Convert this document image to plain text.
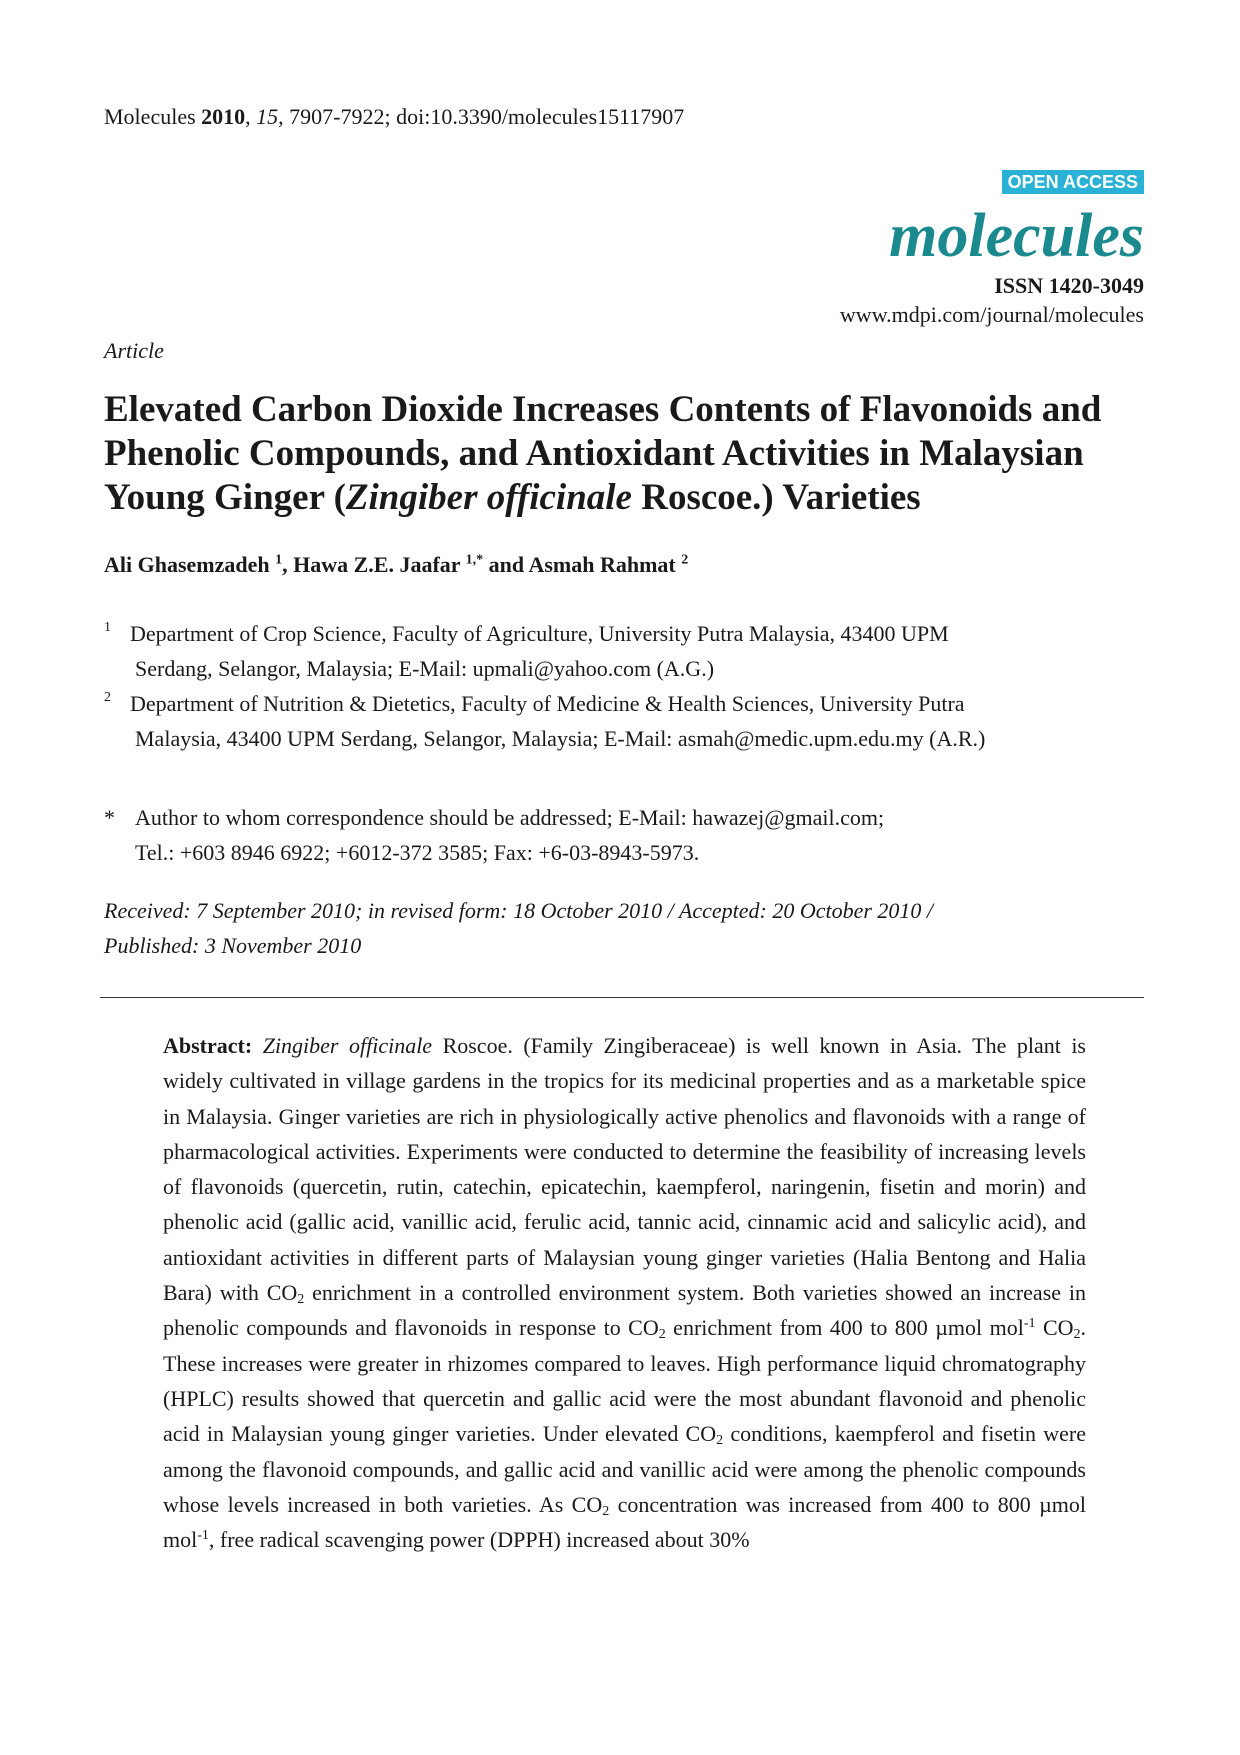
Molecules 2010, 15, 7907-7922; doi:10.3390/molecules15117907
OPEN ACCESS
molecules
ISSN 1420-3049
www.mdpi.com/journal/molecules
Article
Elevated Carbon Dioxide Increases Contents of Flavonoids and Phenolic Compounds, and Antioxidant Activities in Malaysian Young Ginger (Zingiber officinale Roscoe.) Varieties
Ali Ghasemzadeh $^1$, Hawa Z.E. Jaafar $^{1,*}$ and Asmah Rahmat $^2$
1 Department of Crop Science, Faculty of Agriculture, University Putra Malaysia, 43400 UPM
Serdang, Selangor, Malaysia; E-Mail: upmali@yahoo.com (A.G.)
2 Department of Nutrition & Dietetics, Faculty of Medicine & Health Sciences, University Putra
Malaysia, 43400 UPM Serdang, Selangor, Malaysia; E-Mail: asmah@medic.upm.edu.my (A.R.)
* Author to whom correspondence should be addressed; E-Mail: hawazej@gmail.com;
Tel.: +603 8946 6922; +6012-372 3585; Fax: +6-03-8943-5973.
Received: 7 September 2010; in revised form: 18 October 2010 / Accepted: 20 October 2010 /
Published: 3 November 2010

Abstract: Zingiber officinale Roscoe. (Family Zingiberaceae) is well known in Asia. The plant is widely cultivated in village gardens in the tropics for its medicinal properties and as a marketable spice in Malaysia. Ginger varieties are rich in physiologically active phenolics and flavonoids with a range of pharmacological activities. Experiments were conducted to determine the feasibility of increasing levels of flavonoids (quercetin, rutin, catechin, epicatechin, kaempferol, naringenin, fisetin and morin) and phenolic acid (gallic acid, vanillic acid, ferulic acid, tannic acid, cinnamic acid and salicylic acid), and antioxidant activities in different parts of Malaysian young ginger varieties (Halia Bentong and Halia Bara) with $CO_2$ enrichment in a controlled environment system. Both varieties showed an increase in phenolic compounds and flavonoids in response to $CO_2$ enrichment from 400 to 800 µmol mol$^{-1}$ $CO_2$. These increases were greater in rhizomes compared to leaves. High performance liquid chromatography (HPLC) results showed that quercetin and gallic acid were the most abundant flavonoid and phenolic acid in Malaysian young ginger varieties. Under elevated $CO_2$ conditions, kaempferol and fisetin were among the flavonoid compounds, and gallic acid and vanillic acid were among the phenolic compounds whose levels increased in both varieties. As $CO_2$ concentration was increased from 400 to 800 µmol mol$^{-1}$, free radical scavenging power (DPPH) increased about 30%
